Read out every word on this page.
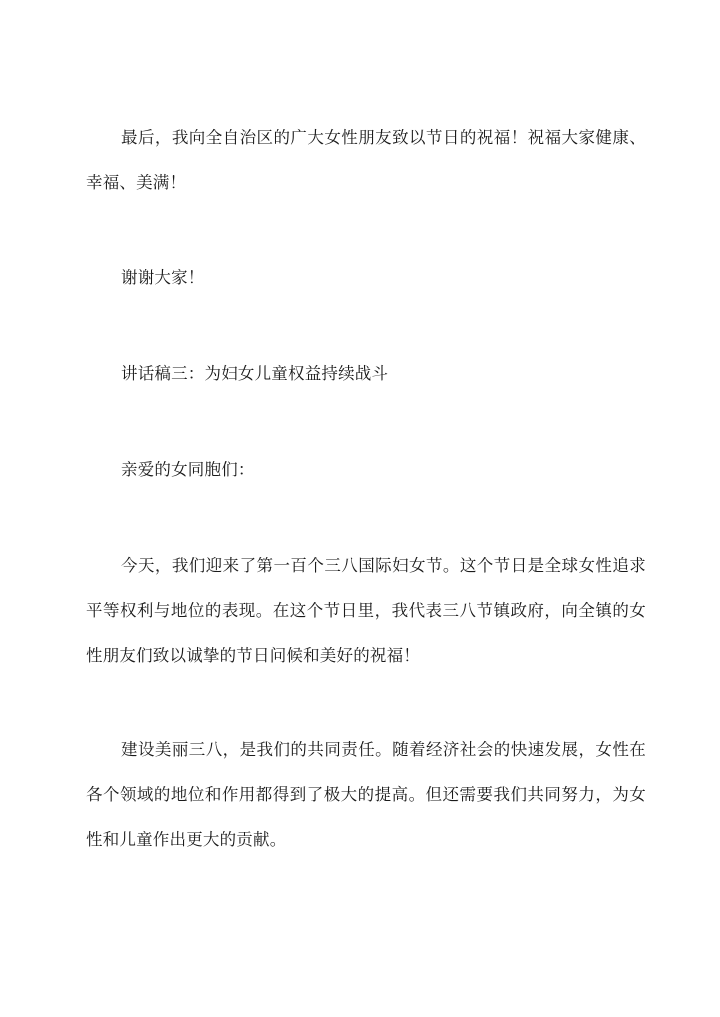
最后，我向全自治区的广大女性朋友致以节日的祝福！祝福大家健康、幸福、美满！

谢谢大家！

讲话稿三：为妇女儿童权益持续战斗

亲爱的女同胞们：

今天，我们迎来了第一百个三八国际妇女节。这个节日是全球女性追求平等权利与地位的表现。在这个节日里，我代表三八节镇政府，向全镇的女性朋友们致以诚挚的节日问候和美好的祝福！

建设美丽三八，是我们的共同责任。随着经济社会的快速发展，女性在各个领域的地位和作用都得到了极大的提高。但还需要我们共同努力，为女性和儿童作出更大的贡献。
